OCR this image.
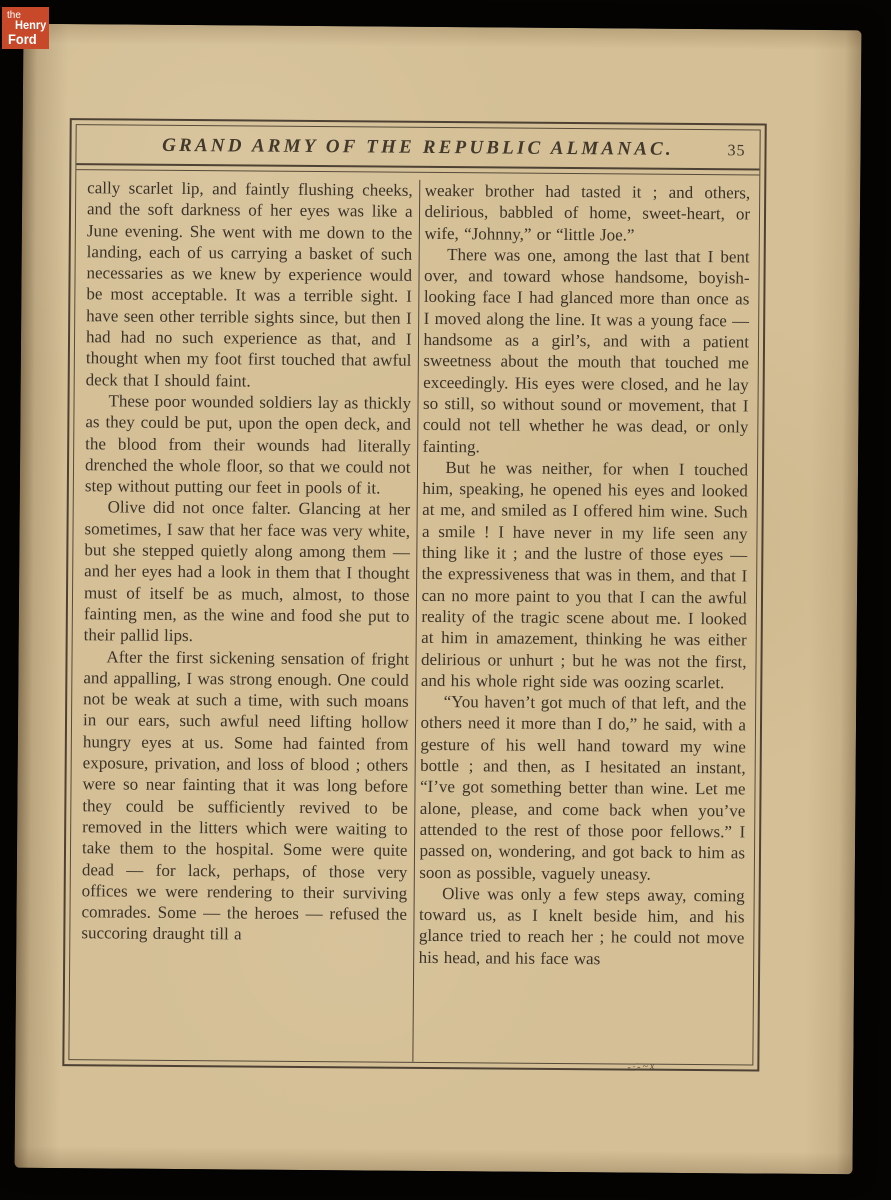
GRAND ARMY OF THE REPUBLIC ALMANAC.	35

cally scarlet lip, and faintly flushing cheeks, and the soft darkness of her eyes was like a June evening. She went with me down to the landing, each of us carrying a basket of such necessaries as we knew by experience would be most acceptable. It was a terrible sight. I have seen other terrible sights since, but then I had had no such experience as that, and I thought when my foot first touched that awful deck that I should faint.

These poor wounded soldiers lay as thickly as they could be put, upon the open deck, and the blood from their wounds had literally drenched the whole floor, so that we could not step without putting our feet in pools of it.

Olive did not once falter. Glancing at her sometimes, I saw that her face was very white, but she stepped quietly along among them — and her eyes had a look in them that I thought must of itself be as much, almost, to those fainting men, as the wine and food she put to their pallid lips.

After the first sickening sensation of fright and appalling, I was strong enough. One could not be weak at such a time, with such moans in our ears, such awful need lifting hollow hungry eyes at us. Some had fainted from exposure, privation, and loss of blood ; others were so near fainting that it was long before they could be sufficiently revived to be removed in the litters which were waiting to take them to the hospital. Some were quite dead — for lack, perhaps, of those very offices we were rendering to their surviving comrades. Some — the heroes — refused the succoring draught till a

weaker brother had tasted it ; and others, delirious, babbled of home, sweet-heart, or wife, “Johnny,” or “little Joe.”

There was one, among the last that I bent over, and toward whose handsome, boyish-looking face I had glanced more than once as I moved along the line. It was a young face — handsome as a girl’s, and with a patient sweetness about the mouth that touched me exceedingly. His eyes were closed, and he lay so still, so without sound or movement, that I could not tell whether he was dead, or only fainting.

But he was neither, for when I touched him, speaking, he opened his eyes and looked at me, and smiled as I offered him wine. Such a smile ! I have never in my life seen any thing like it ; and the lustre of those eyes — the expressiveness that was in them, and that I can no more paint to you that I can the awful reality of the tragic scene about me. I looked at him in amazement, thinking he was either delirious or unhurt ; but he was not the first, and his whole right side was oozing scarlet.

“You haven’t got much of that left, and the others need it more than I do,” he said, with a gesture of his well hand toward my wine bottle ; and then, as I hesitated an instant, “I’ve got something better than wine. Let me alone, please, and come back when you’ve attended to the rest of those poor fellows.” I passed on, wondering, and got back to him as soon as possible, vaguely uneasy.

Olive was only a few steps away, coming toward us, as I knelt beside him, and his glance tried to reach her ; he could not move his head, and his face was

-·-~x
the
Henry
Ford
